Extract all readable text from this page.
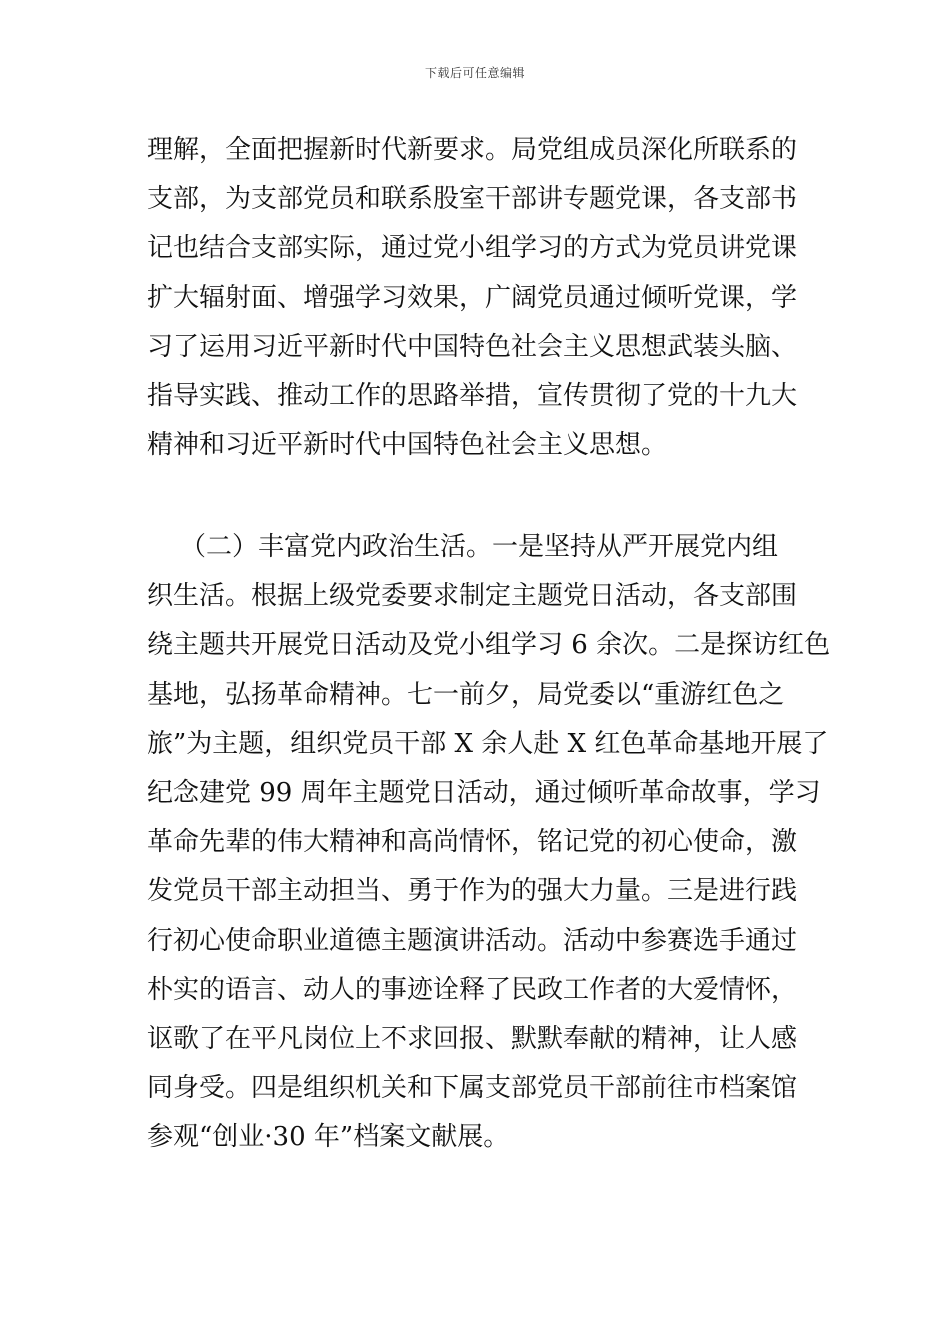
下载后可任意编辑
理解，全面把握新时代新要求。局党组成员深化所联系的
支部，为支部党员和联系股室干部讲专题党课，各支部书
记也结合支部实际，通过党小组学习的方式为党员讲党课
扩大辐射面、增强学习效果，广阔党员通过倾听党课，学
习了运用习近平新时代中国特色社会主义思想武装头脑、
指导实践、推动工作的思路举措，宣传贯彻了党的十九大
精神和习近平新时代中国特色社会主义思想。
（二）丰富党内政治生活。一是坚持从严开展党内组
织生活。根据上级党委要求制定主题党日活动，各支部围
绕主题共开展党日活动及党小组学习 6 余次。二是探访红色
基地，弘扬革命精神。七一前夕，局党委以“重游红色之
旅”为主题，组织党员干部 X 余人赴 X 红色革命基地开展了
纪念建党 99 周年主题党日活动，通过倾听革命故事，学习
革命先辈的伟大精神和高尚情怀，铭记党的初心使命，激
发党员干部主动担当、勇于作为的强大力量。三是进行践
行初心使命职业道德主题演讲活动。活动中参赛选手通过
朴实的语言、动人的事迹诠释了民政工作者的大爱情怀，
讴歌了在平凡岗位上不求回报、默默奉献的精神，让人感
同身受。四是组织机关和下属支部党员干部前往市档案馆
参观“创业·30 年”档案文献展。
